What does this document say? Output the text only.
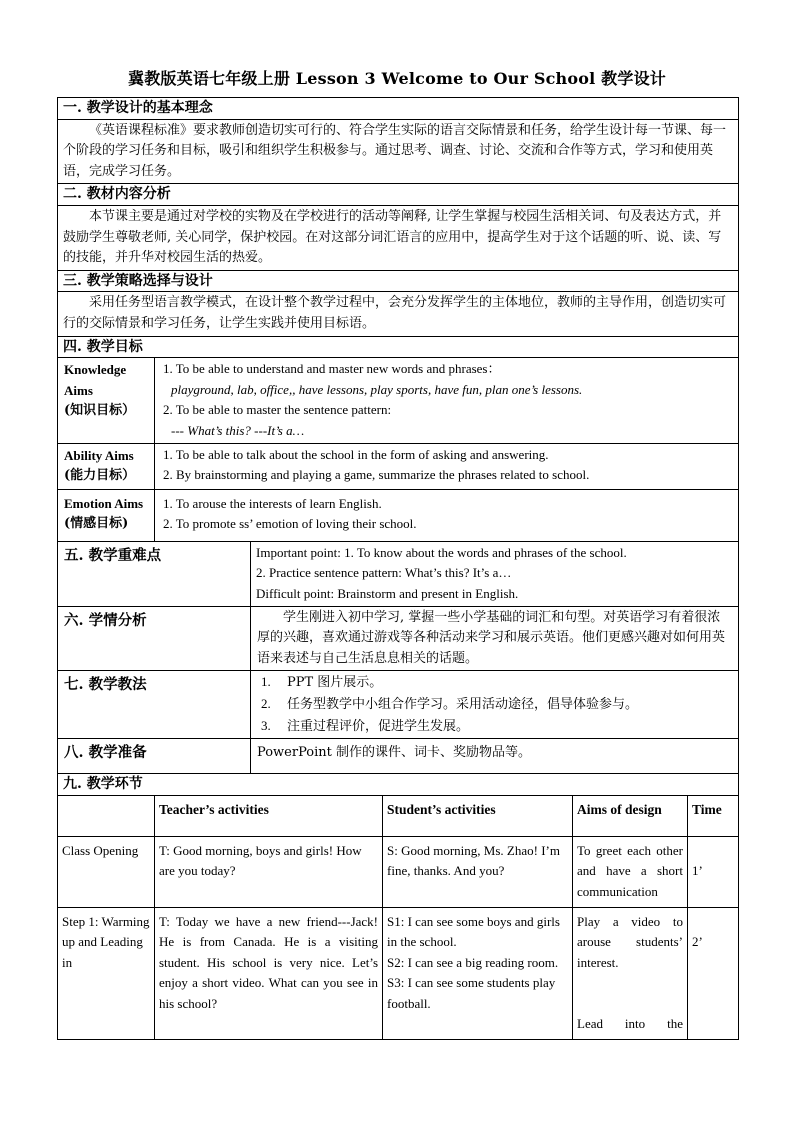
冀教版英语七年级上册 Lesson 3 Welcome to Our School 教学设计
一. 教学设计的基本理念					
《英语课程标准》要求教师创造切实可行的、符合学生实际的语言交际情景和任务，给学生设计每一节课、每一个阶段的学习任务和目标，吸引和组织学生积极参与。通过思考、调查、讨论、交流和合作等方式，学习和使用英语，完成学习任务。					
二. 教材内容分析					
本节课主要是通过对学校的实物及在学校进行的活动等阐释, 让学生掌握与校园生活相关词、句及表达方式，并鼓励学生尊敬老师, 关心同学，保护校园。在对这部分词汇语言的应用中，提高学生对于这个话题的听、说、读、写的技能，并升华对校园生活的热爱。					
三. 教学策略选择与设计					
采用任务型语言教学模式，在设计整个教学过程中，会充分发挥学生的主体地位，教师的主导作用，创造切实可行的交际情景和学习任务，让学生实践并使用目标语。					
四. 教学目标					

Knowledge Aims
(知识目标）	1. To be able to understand and master new words and phrases：
playground, lab, office,, have lessons, play sports, have fun, plan one’s lessons.
2. To be able to master the sentence pattern:
--- What’s this? ---It’s a…				

Ability Aims
(能力目标）	1. To be able to talk about the school in the form of asking and answering.
2. By brainstorming and playing a game, summarize the phrases related to school.				

Emotion Aims
(情感目标)	1. To arouse the interests of learn English.
2. To promote ss’ emotion of loving their school.				

五. 教学重难点		Important point: 1. To know about the words and phrases of the school.
2. Practice sentence pattern: What’s this? It’s a…
Difficult point: Brainstorm and present in English.			

六. 学情分析		学生刚进入初中学习, 掌握一些小学基础的词汇和句型。对英语学习有着很浓厚的兴趣，喜欢通过游戏等各种活动来学习和展示英语。他们更感兴趣对如何用英语来表述与自己生活息息相关的话题。			
七. 教学教法		1. PPT 图片展示。
2. 任务型教学中小组合作学习。采用活动途径，倡导体验参与。
3. 注重过程评价，促进学生发展。			

八. 教学准备		PowerPoint 制作的课件、词卡、奖励物品等。			
九. 教学环节					
	Teacher’s activities		Student’s activities	Aims of design	Time
Class Opening	T: Good morning, boys and girls! How are you today?		S: Good morning, Ms. Zhao! I’m fine, thanks. And you?	To greet each other and have a short communication	1’
Step 1: Warming up and Leading in	T: Today we have a new friend---Jack! He is from Canada. He is a visiting student. His school is very nice. Let’s enjoy a short video. What can you see in his school?		S1: I can see some boys and girls in the school.
S2: I can see a big reading room.
S3: I can see some students play football.	Play a video to arouse students’ interest.
Lead into the	2’
